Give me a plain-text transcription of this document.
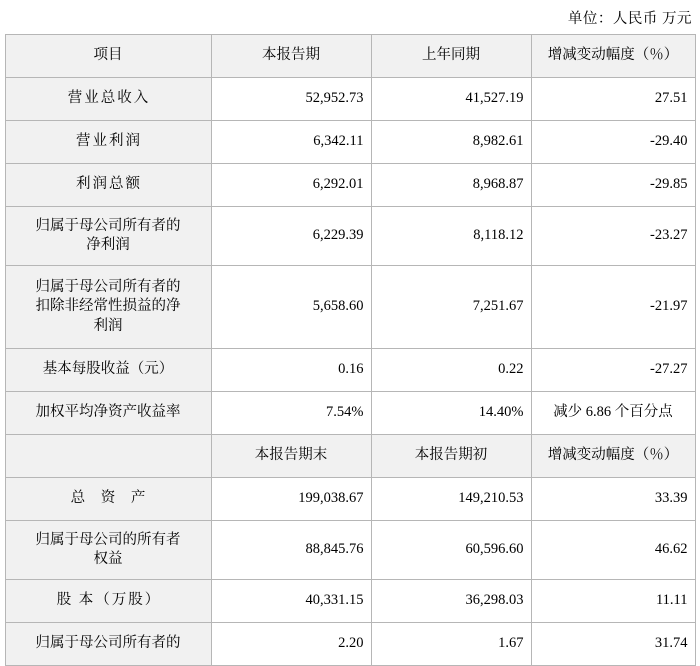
单位：人民币 万元
项目	本报告期	上年同期	增减变动幅度（％）

营业总收入	52,952.73	41,527.19	27.51

营业利润	6,342.11	8,982.61	-29.40

利润总额	6,292.01	8,968.87	-29.85

归属于母公司所有者的
净利润	6,229.39	8,118.12	-23.27

归属于母公司所有者的
扣除非经常性损益的净
利润	5,658.60	7,251.67	-21.97

基本每股收益（元）	0.16	0.22	-27.27

加权平均净资产收益率	7.54%	14.40%	减少 6.86 个百分点
	本报告期末	本报告期初	增减变动幅度（％）

总 资 产	199,038.67	149,210.53	33.39

归属于母公司的所有者
权益	88,845.76	60,596.60	46.62

股 本（万股）	40,331.15	36,298.03	11.11

归属于母公司所有者的	2.20	1.67	31.74
